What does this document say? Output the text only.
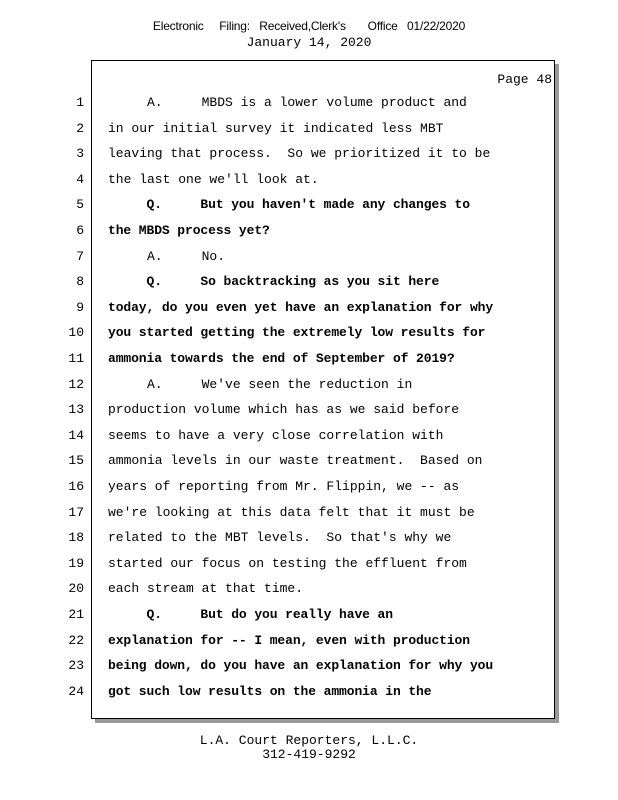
Electronic     Filing:   Received,Clerk's       Office   01/22/2020
January 14, 2020
Page 48
1 A.     MBDS is a lower volume product and
2 in our initial survey it indicated less MBT
3 leaving that process.  So we prioritized it to be
4 the last one we'll look at.
5 Q.     But you haven't made any changes to
6 the MBDS process yet?
7 A.     No.
8 Q.     So backtracking as you sit here
9 today, do you even yet have an explanation for why
10 you started getting the extremely low results for
11 ammonia towards the end of September of 2019?
12 A.     We've seen the reduction in
13 production volume which has as we said before
14 seems to have a very close correlation with
15 ammonia levels in our waste treatment.  Based on
16 years of reporting from Mr. Flippin, we -- as
17 we're looking at this data felt that it must be
18 related to the MBT levels.  So that's why we
19 started our focus on testing the effluent from
20 each stream at that time.
21 Q.     But do you really have an
22 explanation for -- I mean, even with production
23 being down, do you have an explanation for why you
24 got such low results on the ammonia in the
L.A. Court Reporters, L.L.C.
312-419-9292
